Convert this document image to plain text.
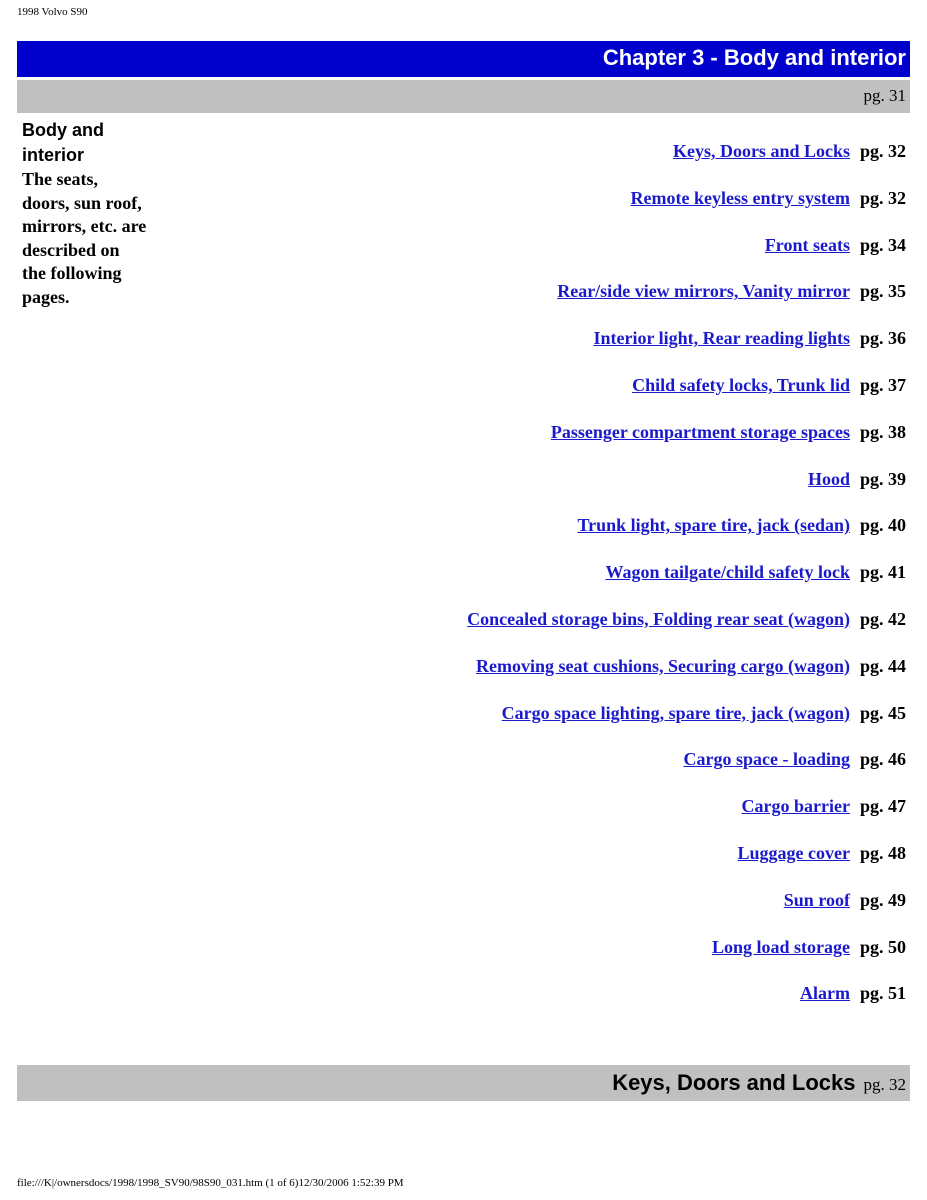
1998 Volvo S90
Chapter 3 - Body and interior
pg. 31
Body and interior
The seats, doors, sun roof, mirrors, etc. are described on the following pages.
Keys, Doors and Locks pg. 32
Remote keyless entry system pg. 32
Front seats pg. 34
Rear/side view mirrors, Vanity mirror pg. 35
Interior light, Rear reading lights pg. 36
Child safety locks, Trunk lid pg. 37
Passenger compartment storage spaces pg. 38
Hood pg. 39
Trunk light, spare tire, jack (sedan) pg. 40
Wagon tailgate/child safety lock pg. 41
Concealed storage bins, Folding rear seat (wagon) pg. 42
Removing seat cushions, Securing cargo (wagon) pg. 44
Cargo space lighting, spare tire, jack (wagon) pg. 45
Cargo space - loading pg. 46
Cargo barrier pg. 47
Luggage cover pg. 48
Sun roof pg. 49
Long load storage pg. 50
Alarm pg. 51
Keys, Doors and Locks pg. 32
file:///K|/ownersdocs/1998/1998_SV90/98S90_031.htm (1 of 6)12/30/2006 1:52:39 PM
